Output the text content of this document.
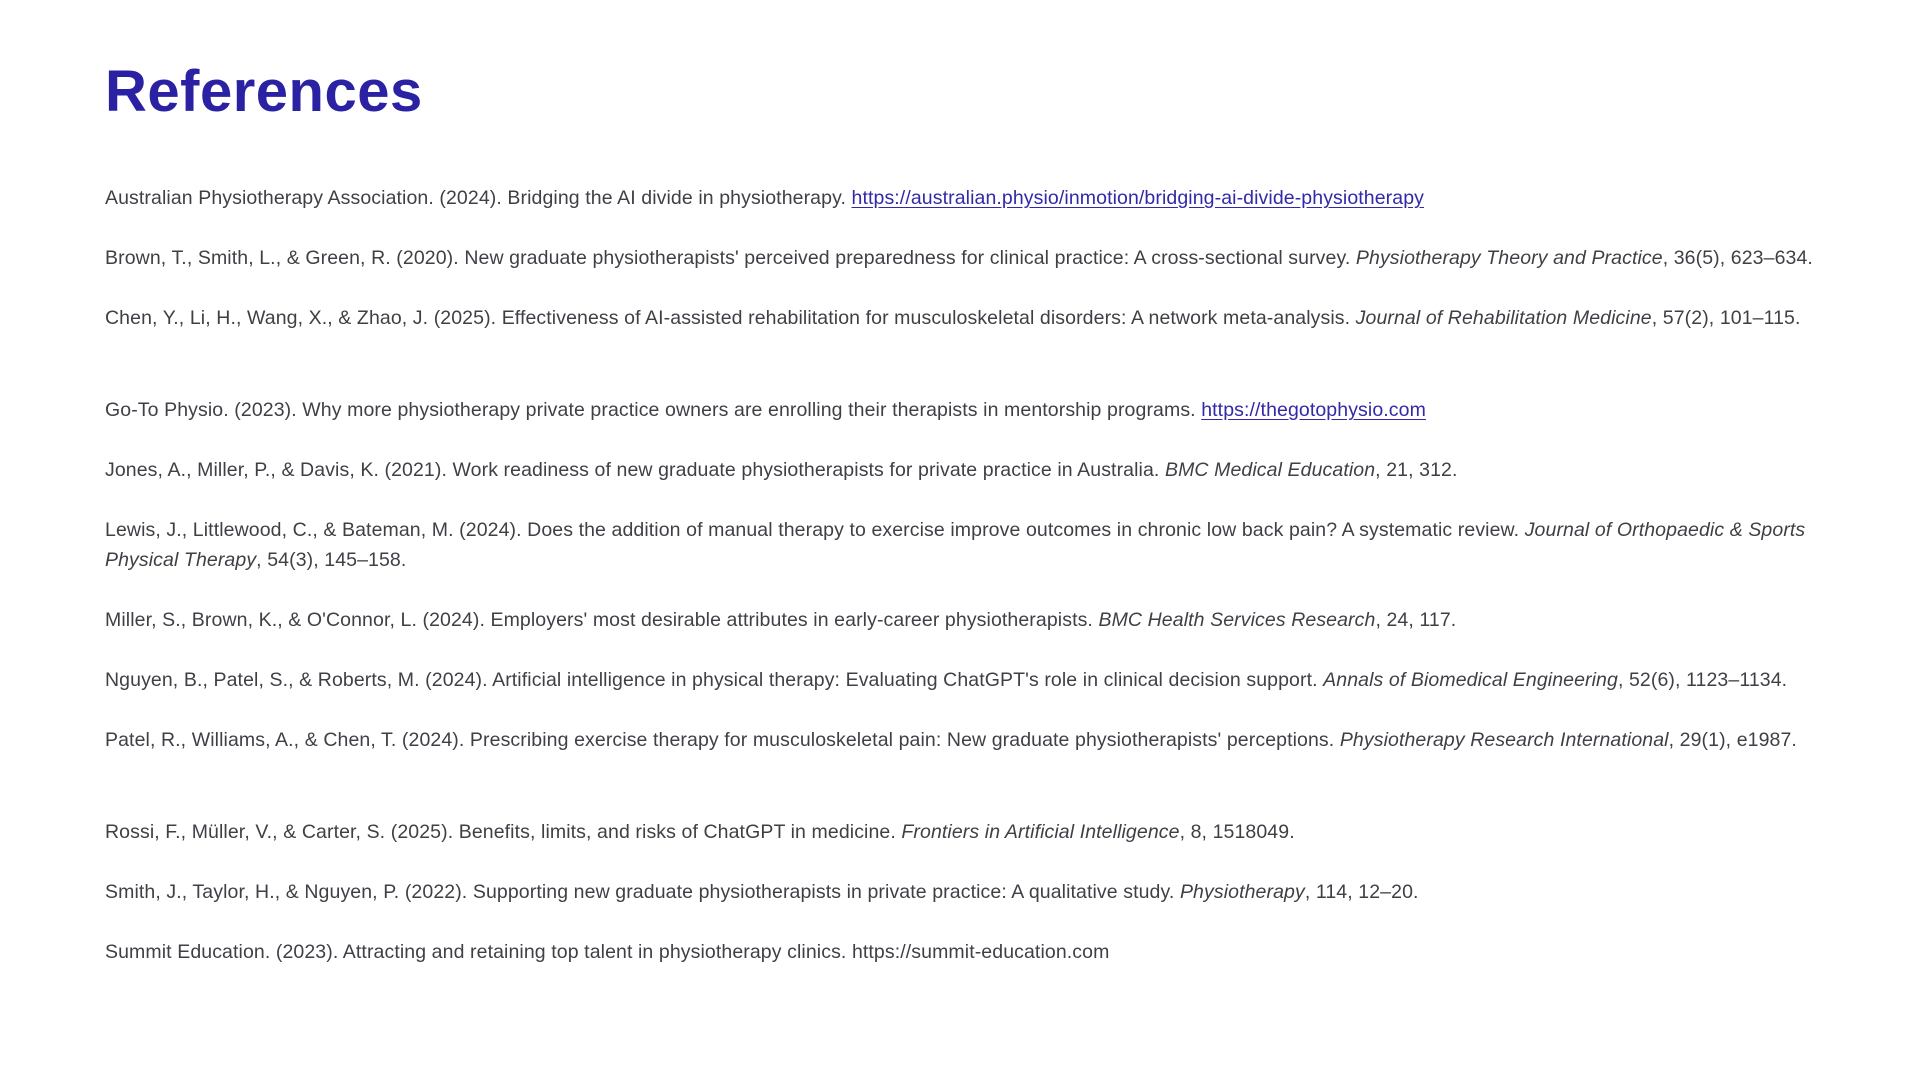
References

Australian Physiotherapy Association. (2024). Bridging the AI divide in physiotherapy. https://australian.physio/inmotion/bridging-ai-divide-physiotherapy

Brown, T., Smith, L., & Green, R. (2020). New graduate physiotherapists' perceived preparedness for clinical practice: A cross-sectional survey. Physiotherapy Theory and Practice, 36(5), 623–634.

Chen, Y., Li, H., Wang, X., & Zhao, J. (2025). Effectiveness of AI-assisted rehabilitation for musculoskeletal disorders: A network meta-analysis. Journal of Rehabilitation Medicine, 57(2), 101–115.

Go-To Physio. (2023). Why more physiotherapy private practice owners are enrolling their therapists in mentorship programs. https://thegotophysio.com

Jones, A., Miller, P., & Davis, K. (2021). Work readiness of new graduate physiotherapists for private practice in Australia. BMC Medical Education, 21, 312.

Lewis, J., Littlewood, C., & Bateman, M. (2024). Does the addition of manual therapy to exercise improve outcomes in chronic low back pain? A systematic review. Journal of Orthopaedic & Sports Physical Therapy, 54(3), 145–158.

Miller, S., Brown, K., & O'Connor, L. (2024). Employers' most desirable attributes in early-career physiotherapists. BMC Health Services Research, 24, 117.

Nguyen, B., Patel, S., & Roberts, M. (2024). Artificial intelligence in physical therapy: Evaluating ChatGPT's role in clinical decision support. Annals of Biomedical Engineering, 52(6), 1123–1134.

Patel, R., Williams, A., & Chen, T. (2024). Prescribing exercise therapy for musculoskeletal pain: New graduate physiotherapists' perceptions. Physiotherapy Research International, 29(1), e1987.

Rossi, F., Müller, V., & Carter, S. (2025). Benefits, limits, and risks of ChatGPT in medicine. Frontiers in Artificial Intelligence, 8, 1518049.

Smith, J., Taylor, H., & Nguyen, P. (2022). Supporting new graduate physiotherapists in private practice: A qualitative study. Physiotherapy, 114, 12–20.

Summit Education. (2023). Attracting and retaining top talent in physiotherapy clinics. https://summit-education.com
